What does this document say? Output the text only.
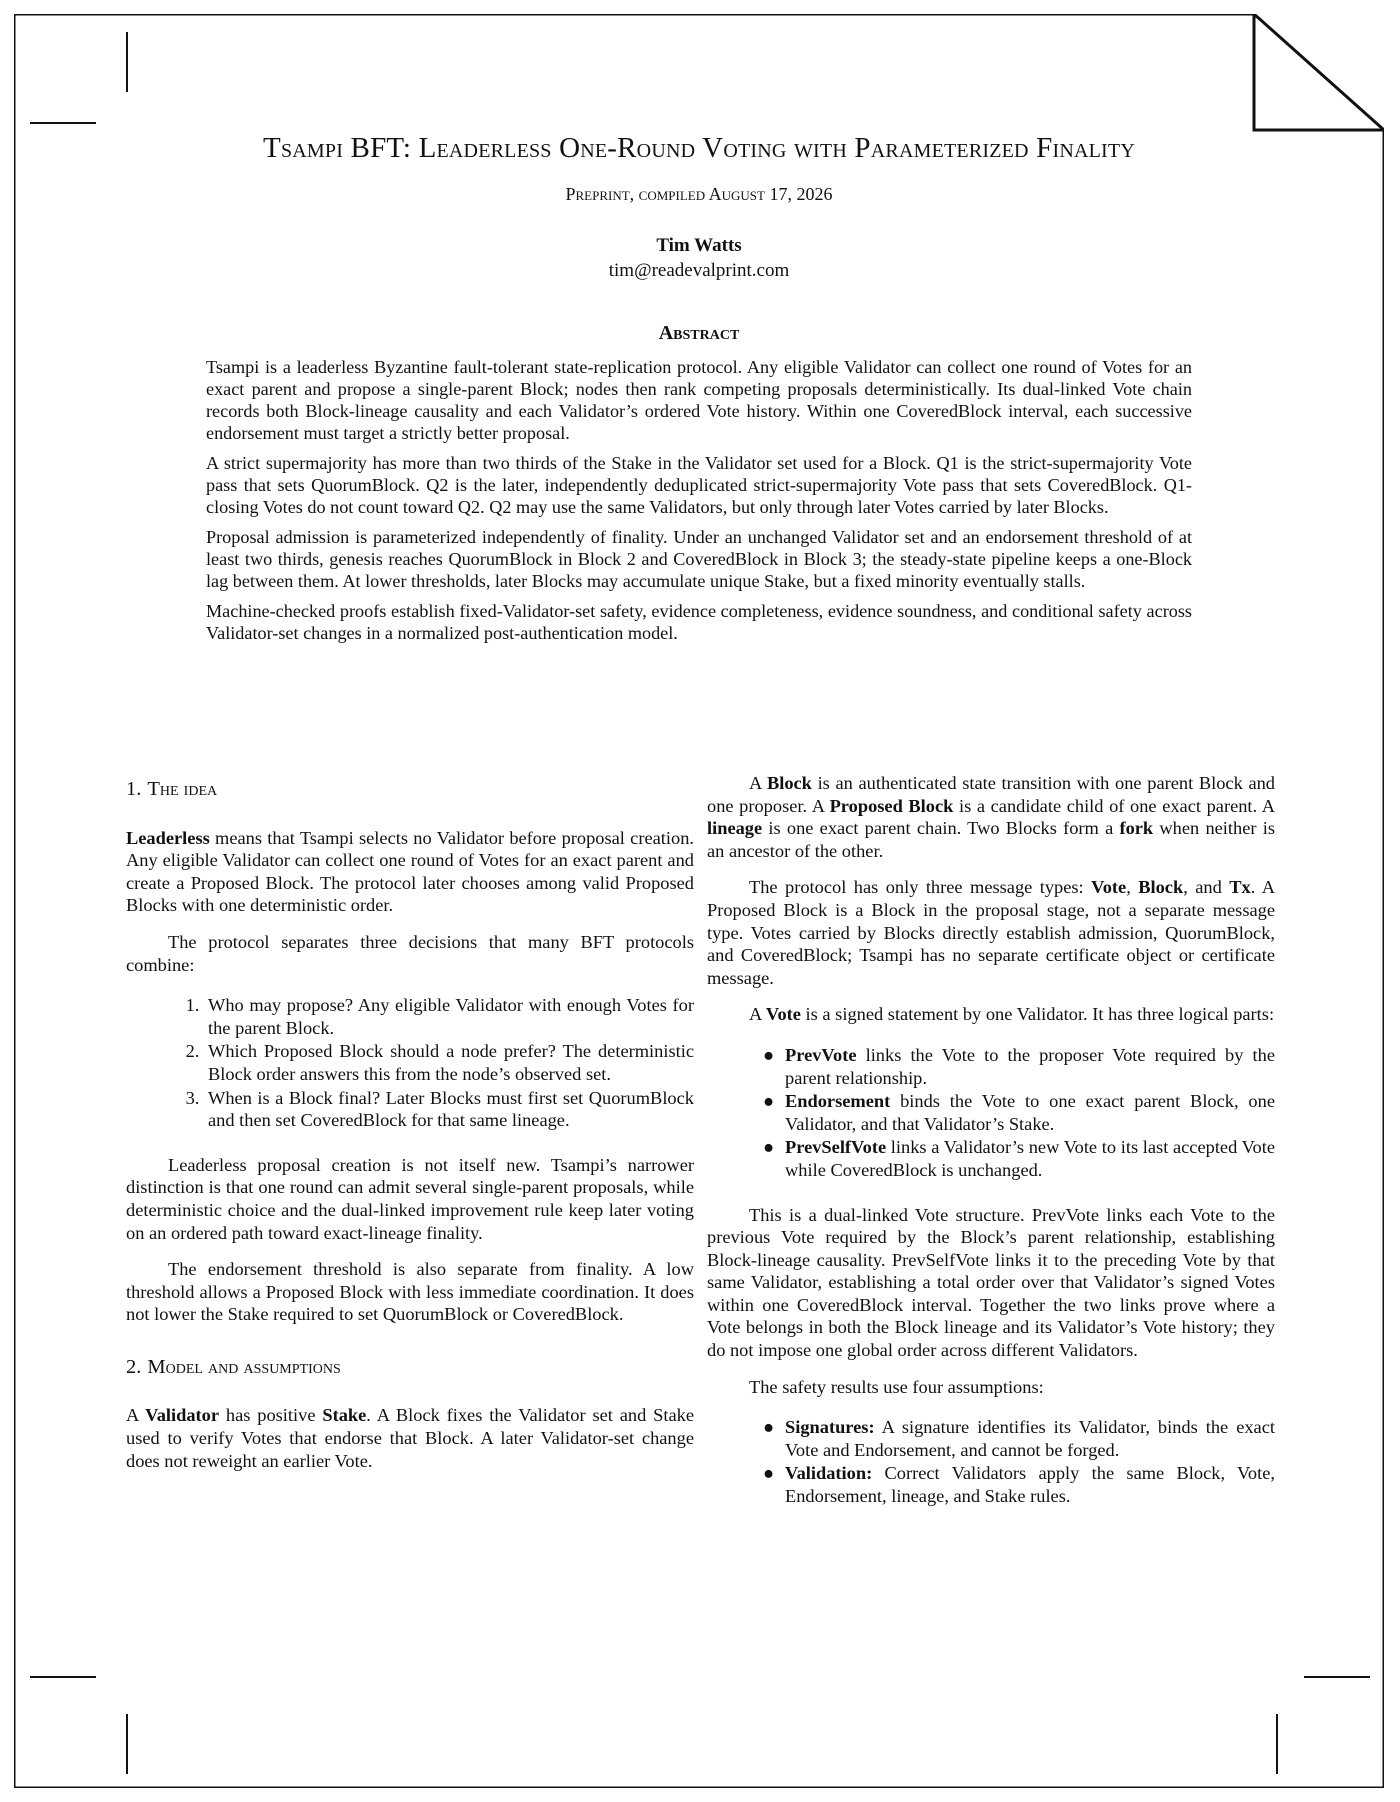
Tsampi BFT: Leaderless One-Round Voting with Parameterized Finality
Preprint, compiled August 17, 2026
Tim Watts
tim@readevalprint.com
Abstract

Tsampi is a leaderless Byzantine fault-tolerant state-replication protocol. Any eligible Validator can collect one round of Votes for an exact parent and propose a single-parent Block; nodes then rank competing proposals deterministically. Its dual-linked Vote chain records both Block-lineage causality and each Validator’s ordered Vote history. Within one CoveredBlock interval, each successive endorsement must target a strictly better proposal.

A strict supermajority has more than two thirds of the Stake in the Validator set used for a Block. Q1 is the strict-supermajority Vote pass that sets QuorumBlock. Q2 is the later, independently deduplicated strict-supermajority Vote pass that sets CoveredBlock. Q1-closing Votes do not count toward Q2. Q2 may use the same Validators, but only through later Votes carried by later Blocks.

Proposal admission is parameterized independently of finality. Under an unchanged Validator set and an endorsement threshold of at least two thirds, genesis reaches QuorumBlock in Block 2 and CoveredBlock in Block 3; the steady-state pipeline keeps a one-Block lag between them. At lower thresholds, later Blocks may accumulate unique Stake, but a fixed minority eventually stalls.

Machine-checked proofs establish fixed-Validator-set safety, evidence completeness, evidence soundness, and conditional safety across Validator-set changes in a normalized post-authentication model.

1. The idea

Leaderless means that Tsampi selects no Validator before proposal creation. Any eligible Validator can collect one round of Votes for an exact parent and create a Proposed Block. The protocol later chooses among valid Proposed Blocks with one deterministic order.

The protocol separates three decisions that many BFT protocols combine:

1. Who may propose? Any eligible Validator with enough Votes for the parent Block.
2. Which Proposed Block should a node prefer? The deterministic Block order answers this from the node’s observed set.
3. When is a Block final? Later Blocks must first set QuorumBlock and then set CoveredBlock for that same lineage.

Leaderless proposal creation is not itself new. Tsampi’s narrower distinction is that one round can admit several single-parent proposals, while deterministic choice and the dual-linked improvement rule keep later voting on an ordered path toward exact-lineage finality.

The endorsement threshold is also separate from finality. A low threshold allows a Proposed Block with less immediate coordination. It does not lower the Stake required to set QuorumBlock or CoveredBlock.

2. Model and assumptions

A Validator has positive Stake. A Block fixes the Validator set and Stake used to verify Votes that endorse that Block. A later Validator-set change does not reweight an earlier Vote.

A Block is an authenticated state transition with one parent Block and one proposer. A Proposed Block is a candidate child of one exact parent. A lineage is one exact parent chain. Two Blocks form a fork when neither is an ancestor of the other.

The protocol has only three message types: Vote, Block, and Tx. A Proposed Block is a Block in the proposal stage, not a separate message type. Votes carried by Blocks directly establish admission, QuorumBlock, and CoveredBlock; Tsampi has no separate certificate object or certificate message.

A Vote is a signed statement by one Validator. It has three logical parts:

● PrevVote links the Vote to the proposer Vote required by the parent relationship.
● Endorsement binds the Vote to one exact parent Block, one Validator, and that Validator’s Stake.
● PrevSelfVote links a Validator’s new Vote to its last accepted Vote while CoveredBlock is unchanged.

This is a dual-linked Vote structure. PrevVote links each Vote to the previous Vote required by the Block’s parent relationship, establishing Block-lineage causality. PrevSelfVote links it to the preceding Vote by that same Validator, establishing a total order over that Validator’s signed Votes within one CoveredBlock interval. Together the two links prove where a Vote belongs in both the Block lineage and its Validator’s Vote history; they do not impose one global order across different Validators.

The safety results use four assumptions:

● Signatures: A signature identifies its Validator, binds the exact Vote and Endorsement, and cannot be forged.
● Validation: Correct Validators apply the same Block, Vote, Endorsement, lineage, and Stake rules.
